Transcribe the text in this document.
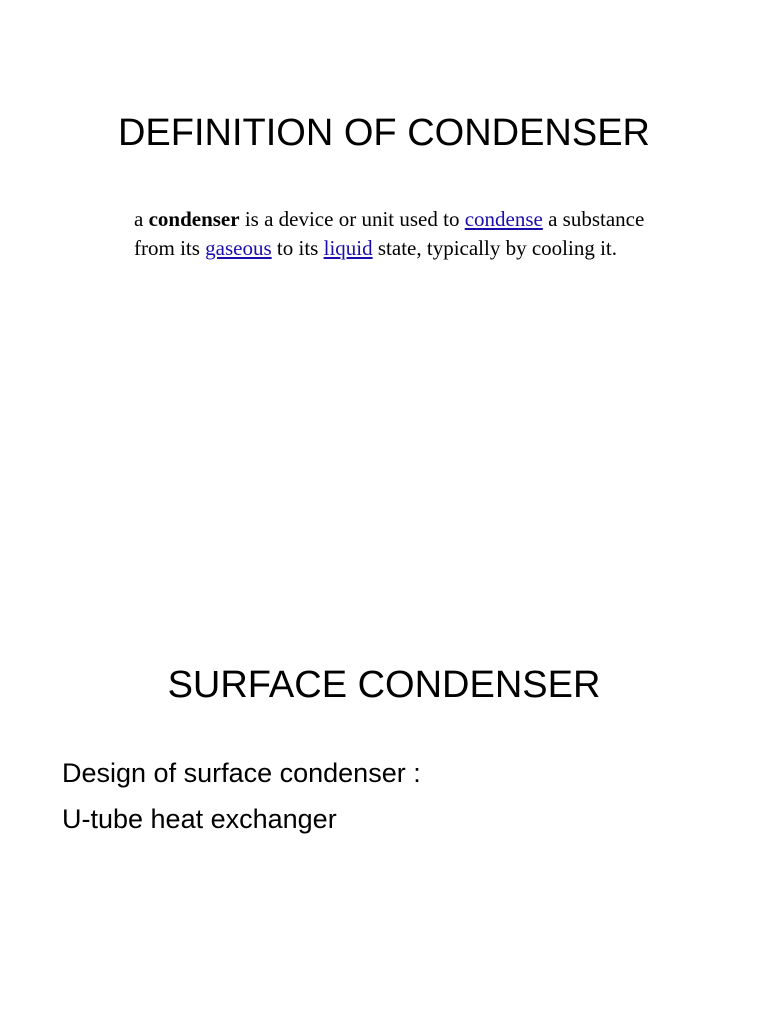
DEFINITION OF CONDENSER

a condenser is a device or unit used to condense a substance from its gaseous to its liquid state, typically by cooling it.

SURFACE CONDENSER
Design of surface condenser :
U-tube heat exchanger
